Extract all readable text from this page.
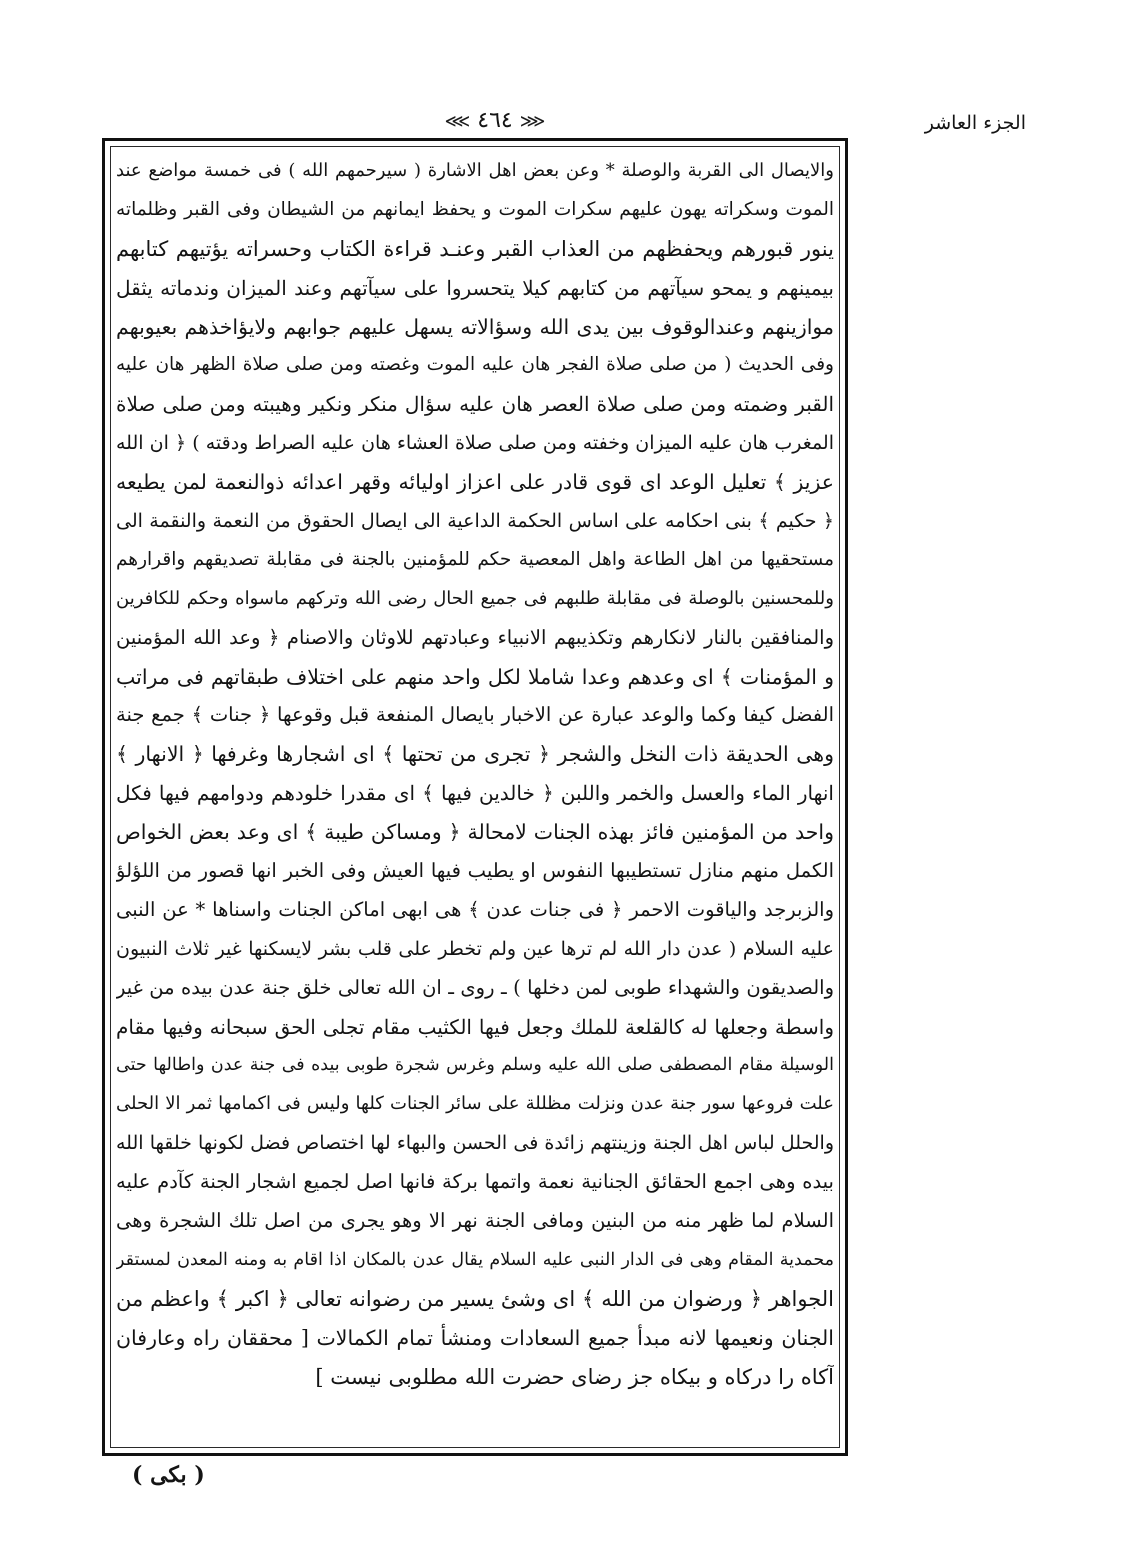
الجزء العاشر
⋘ ٤٦٤ ⋙
والايصال الى القربة والوصلة * وعن بعض اهل الاشارة ( سيرحمهم الله ) فى خمسة مواضع عند
الموت وسكراته يهون عليهم سكرات الموت و يحفظ ايمانهم من الشيطان وفى القبر وظلماته
ينور قبورهم ويحفظهم من العذاب القبر وعنـد قراءة الكتاب وحسراته يؤتيهم كتابهم
بيمينهم و يمحو سيآتهم من كتابهم كيلا يتحسروا على سيآتهم وعند الميزان وندماته يثقل
موازينهم وعندالوقوف بين يدى الله وسؤالاته يسهل عليهم جوابهم ولايؤاخذهم بعيوبهم
وفى الحديث ( من صلى صلاة الفجر هان عليه الموت وغصته ومن صلى صلاة الظهر هان عليه
القبر وضمته ومن صلى صلاة العصر هان عليه سؤال منكر ونكير وهيبته ومن صلى صلاة
المغرب هان عليه الميزان وخفته ومن صلى صلاة العشاء هان عليه الصراط ودقته ) ﴿ ان الله
عزيز ﴾ تعليل الوعد اى قوى قادر على اعزاز اوليائه وقهر اعدائه ذوالنعمة لمن يطيعه
﴿ حكيم ﴾ بنى احكامه على اساس الحكمة الداعية الى ايصال الحقوق من النعمة والنقمة الى
مستحقيها من اهل الطاعة واهل المعصية حكم للمؤمنين بالجنة فى مقابلة تصديقهم واقرارهم
وللمحسنين بالوصلة فى مقابلة طلبهم فى جميع الحال رضى الله وتركهم ماسواه وحكم للكافرين
والمنافقين بالنار لانكارهم وتكذيبهم الانبياء وعبادتهم للاوثان والاصنام ﴿ وعد الله المؤمنين
و المؤمنات ﴾ اى وعدهم وعدا شاملا لكل واحد منهم على اختلاف طبقاتهم فى مراتب
الفضل كيفا وكما والوعد عبارة عن الاخبار بايصال المنفعة قبل وقوعها ﴿ جنات ﴾ جمع جنة
وهى الحديقة ذات النخل والشجر ﴿ تجرى من تحتها ﴾ اى اشجارها وغرفها ﴿ الانهار ﴾
انهار الماء والعسل والخمر واللبن ﴿ خالدين فيها ﴾ اى مقدرا خلودهم ودوامهم فيها فكل
واحد من المؤمنين فائز بهذه الجنات لامحالة ﴿ ومساكن طيبة ﴾ اى وعد بعض الخواص
الكمل منهم منازل تستطيبها النفوس او يطيب فيها العيش وفى الخبر انها قصور من اللؤلؤ
والزبرجد والياقوت الاحمر ﴿ فى جنات عدن ﴾ هى ابهى اماكن الجنات واسناها * عن النبى
عليه السلام ( عدن دار الله لم ترها عين ولم تخطر على قلب بشر لايسكنها غير ثلاث النبيون
والصديقون والشهداء طوبى لمن دخلها ) ـ روى ـ ان الله تعالى خلق جنة عدن بيده من غير
واسطة وجعلها له كالقلعة للملك وجعل فيها الكثيب مقام تجلى الحق سبحانه وفيها مقام
الوسيلة مقام المصطفى صلى الله عليه وسلم وغرس شجرة طوبى بيده فى جنة عدن واطالها حتى
علت فروعها سور جنة عدن ونزلت مظللة على سائر الجنات كلها وليس فى اكمامها ثمر الا الحلى
والحلل لباس اهل الجنة وزينتهم زائدة فى الحسن والبهاء لها اختصاص فضل لكونها خلقها الله
بيده وهى اجمع الحقائق الجنانية نعمة واتمها بركة فانها اصل لجميع اشجار الجنة كآدم عليه
السلام لما ظهر منه من البنين ومافى الجنة نهر الا وهو يجرى من اصل تلك الشجرة وهى
محمدية المقام وهى فى الدار النبى عليه السلام يقال عدن بالمكان اذا اقام به ومنه المعدن لمستقر
الجواهر ﴿ ورضوان من الله ﴾ اى وشئ يسير من رضوانه تعالى ﴿ اكبر ﴾ واعظم من
الجنان ونعيمها لانه مبدأ جميع السعادات ومنشأ تمام الكمالات [ محققان راه وعارفان
آكاه را دركاه و بيكاه جز رضاى حضرت الله مطلوبى نيست ]
( بكى )
